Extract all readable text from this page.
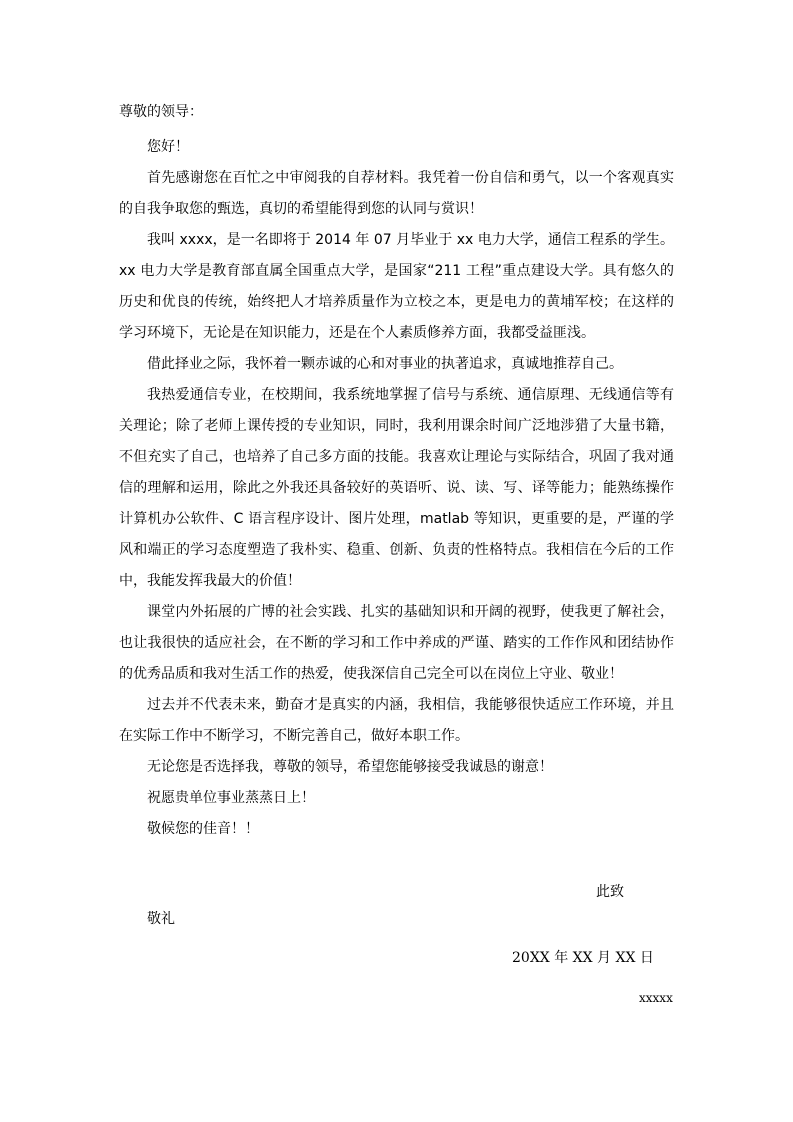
尊敬的领导：

您好！

首先感谢您在百忙之中审阅我的自荐材料。我凭着一份自信和勇气，以一个客观真实的自我争取您的甄选，真切的希望能得到您的认同与赏识！

我叫 xxxx，是一名即将于 2014 年 07 月毕业于 xx 电力大学，通信工程系的学生。xx 电力大学是教育部直属全国重点大学，是国家“211 工程”重点建设大学。具有悠久的历史和优良的传统，始终把人才培养质量作为立校之本，更是电力的黄埔军校；在这样的学习环境下，无论是在知识能力，还是在个人素质修养方面，我都受益匪浅。

借此择业之际，我怀着一颗赤诚的心和对事业的执著追求，真诚地推荐自己。

我热爱通信专业，在校期间，我系统地掌握了信号与系统、通信原理、无线通信等有关理论；除了老师上课传授的专业知识，同时，我利用课余时间广泛地涉猎了大量书籍，不但充实了自己，也培养了自己多方面的技能。我喜欢让理论与实际结合，巩固了我对通信的理解和运用，除此之外我还具备较好的英语听、说、读、写、译等能力；能熟练操作计算机办公软件、C 语言程序设计、图片处理，matlab 等知识，更重要的是，严谨的学风和端正的学习态度塑造了我朴实、稳重、创新、负责的性格特点。我相信在今后的工作中，我能发挥我最大的价值！

课堂内外拓展的广博的社会实践、扎实的基础知识和开阔的视野，使我更了解社会，也让我很快的适应社会，在不断的学习和工作中养成的严谨、踏实的工作作风和团结协作的优秀品质和我对生活工作的热爱，使我深信自己完全可以在岗位上守业、敬业！

过去并不代表未来，勤奋才是真实的内涵，我相信，我能够很快适应工作环境，并且在实际工作中不断学习，不断完善自己，做好本职工作。

无论您是否选择我，尊敬的领导，希望您能够接受我诚恳的谢意！

祝愿贵单位事业蒸蒸日上！

敬候您的佳音！！

此致
敬礼
20XX 年 XX 月 XX 日
xxxxx
